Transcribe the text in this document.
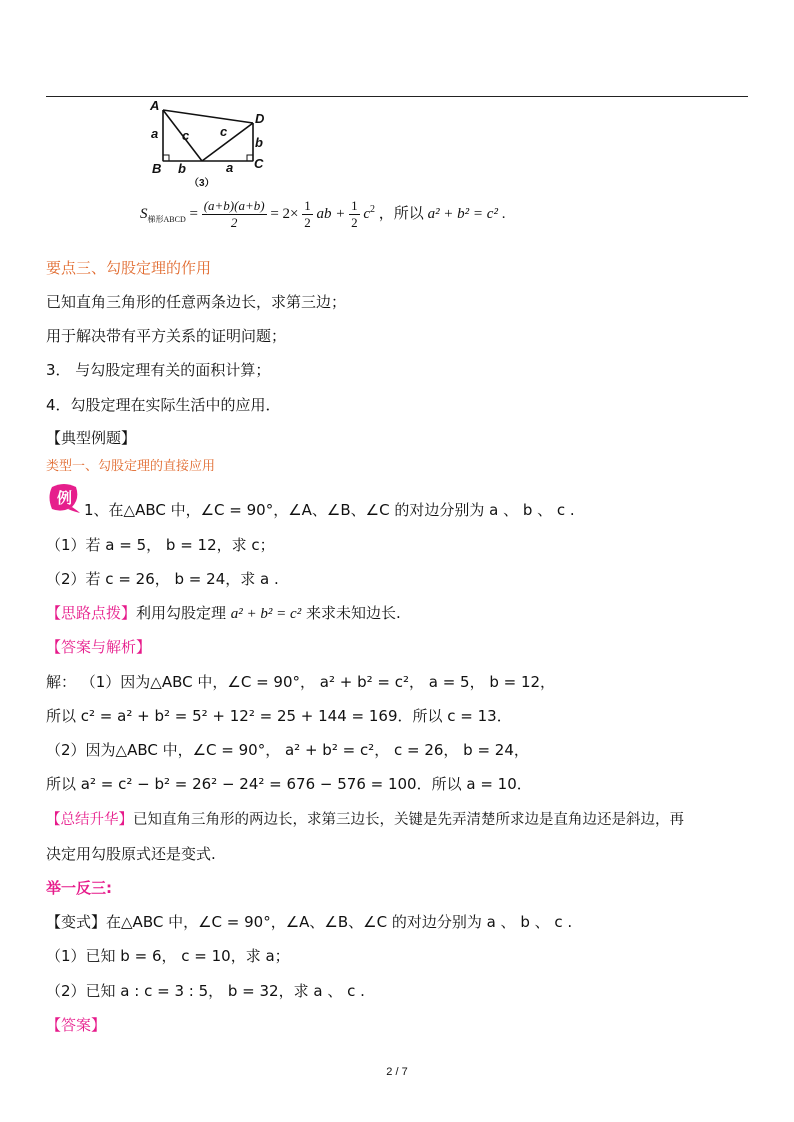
A
D
B	C
a c c
b
b	a
（3）
$S_{梯形ABCD} = \frac{(a+b)(a+b)}{2} = 2\times \frac{1}{2}$ ab + $\frac{1}{2} c^2$ ，所以 a² + b² = c² .
要点三、勾股定理的作用
已知直角三角形的任意两条边长，求第三边；
用于解决带有平方关系的证明问题；
3． 与勾股定理有关的面积计算；
4．勾股定理在实际生活中的应用．
【典型例题】
类型一、勾股定理的直接应用
例
1、在△ABC 中，∠C = 90°，∠A、∠B、∠C 的对边分别为 a 、 b 、 c .
（1）若 a = 5， b = 12，求 c；
（2）若 c = 26， b = 24，求 a .
【思路点拨】利用勾股定理 a² + b² = c² 来求未知边长.
【答案与解析】
解： （1）因为△ABC 中，∠C = 90°， a² + b² = c²， a = 5， b = 12，
所以 c² = a² + b² = 5² + 12² = 25 + 144 = 169．所以 c = 13．
（2）因为△ABC 中，∠C = 90°， a² + b² = c²， c = 26， b = 24，
所以 a² = c² − b² = 26² − 24² = 676 − 576 = 100．所以 a = 10．
【总结升华】已知直角三角形的两边长，求第三边长，关键是先弄清楚所求边是直角边还是斜边，再
决定用勾股原式还是变式.
举一反三:
【变式】在△ABC 中，∠C = 90°，∠A、∠B、∠C 的对边分别为 a 、 b 、 c .
（1）已知 b = 6， c = 10，求 a；
（2）已知 a : c = 3 : 5， b = 32，求 a 、 c .
【答案】
2 / 7
